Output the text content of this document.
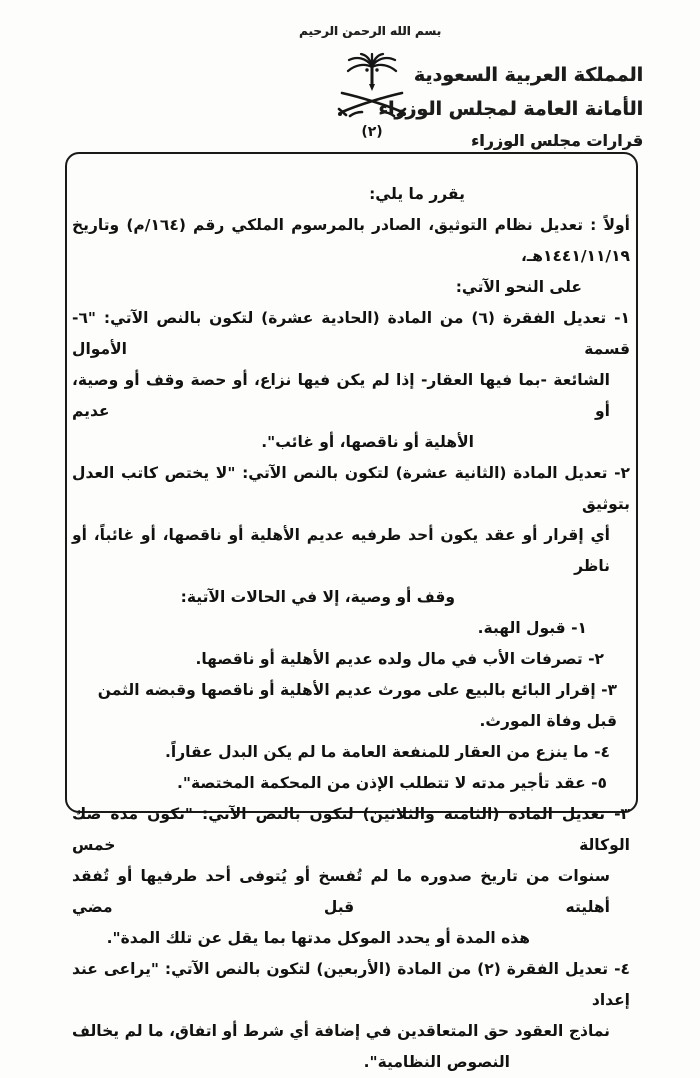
بسم الله الرحمن الرحيم
(٢)
المملكة العربية السعودية
الأمانة العامة لمجلس الوزراء
قرارات مجلس الوزراء
يقرر ما يلي:
أولاً : تعديل نظام التوثيق، الصادر بالمرسوم الملكي رقم (١٦٤/م) وتاريخ ١٤٤١/١١/١٩هـ،
على النحو الآتي:
١- تعديل الفقرة (٦) من المادة (الحادية عشرة) لتكون بالنص الآتي: "٦- قسمة الأموال
الشائعة -بما فيها العقار- إذا لم يكن فيها نزاع، أو حصة وقف أو وصية، أو عديم
الأهلية أو ناقصها، أو غائب".
٢- تعديل المادة (الثانية عشرة) لتكون بالنص الآتي: "لا يختص كاتب العدل بتوثيق
أي إقرار أو عقد يكون أحد طرفيه عديم الأهلية أو ناقصها، أو غائباً، أو ناظر
وقف أو وصية، إلا في الحالات الآتية:
١- قبول الهبة.
٢- تصرفات الأب في مال ولده عديم الأهلية أو ناقصها.
٣- إقرار البائع بالبيع على مورث عديم الأهلية أو ناقصها وقبضه الثمن قبل وفاة المورث.
٤- ما ينزع من العقار للمنفعة العامة ما لم يكن البدل عقاراً.
٥- عقد تأجير مدته لا تتطلب الإذن من المحكمة المختصة".
٣- تعديل المادة (الثامنة والثلاثين) لتكون بالنص الآتي: "تكون مدة صك الوكالة خمس
سنوات من تاريخ صدوره ما لم تُفسخ أو يُتوفى أحد طرفيها أو تُفقد أهليته قبل مضي
هذه المدة أو يحدد الموكل مدتها بما يقل عن تلك المدة".
٤- تعديل الفقرة (٢) من المادة (الأربعين) لتكون بالنص الآتي: "يراعى عند إعداد
نماذج العقود حق المتعاقدين في إضافة أي شرط أو اتفاق، ما لم يخالف
النصوص النظامية".
